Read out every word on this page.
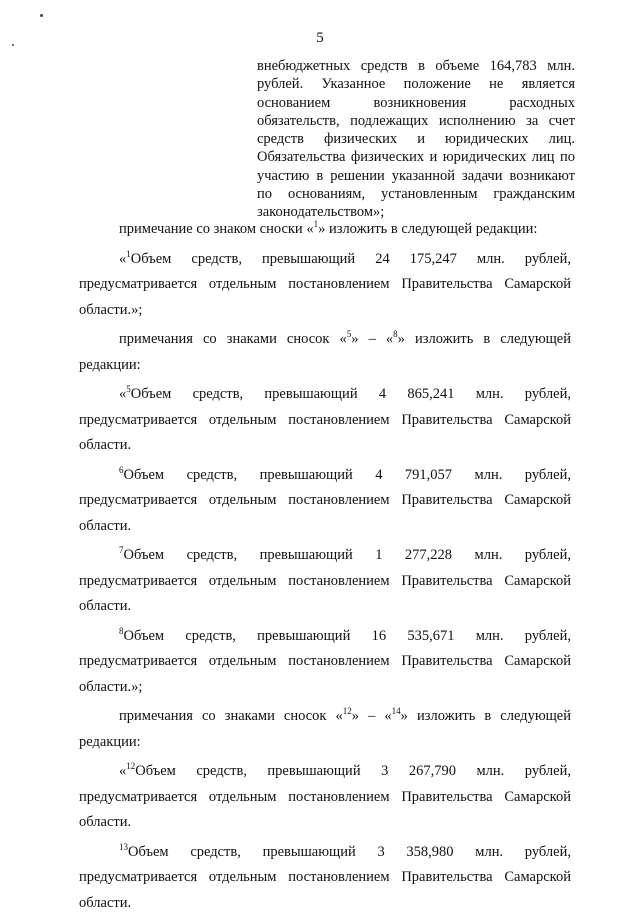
5
внебюджетных средств в объеме 164,783 млн. рублей. Указанное положение не является основанием возникновения расходных обязательств, подлежащих исполнению за счет средств физических и юридических лиц. Обязательства физических и юридических лиц по участию в решении указанной задачи возникают по основаниям, установленным гражданским законодательством»;

примечание со знаком сноски «$^1$» изложить в следующей редакции:

«$^1$Объем средств, превышающий 24 175,247 млн. рублей, предусматривается отдельным постановлением Правительства Самарской области.»;

примечания со знаками сносок «$^5$» – «$^8$» изложить в следующей редакции:

«$^5$Объем средств, превышающий 4 865,241 млн. рублей, предусматривается отдельным постановлением Правительства Самарской области.

$^6$Объем средств, превышающий 4 791,057 млн. рублей, предусматривается отдельным постановлением Правительства Самарской области.

$^7$Объем средств, превышающий 1 277,228 млн. рублей, предусматривается отдельным постановлением Правительства Самарской области.

$^8$Объем средств, превышающий 16 535,671 млн. рублей, предусматривается отдельным постановлением Правительства Самарской области.»;

примечания со знаками сносок «$^{12}$» – «$^{14}$» изложить в следующей редакции:

«$^{12}$Объем средств, превышающий 3 267,790 млн. рублей, предусматривается отдельным постановлением Правительства Самарской области.

$^{13}$Объем средств, превышающий 3 358,980 млн. рублей, предусматривается отдельным постановлением Правительства Самарской области.
